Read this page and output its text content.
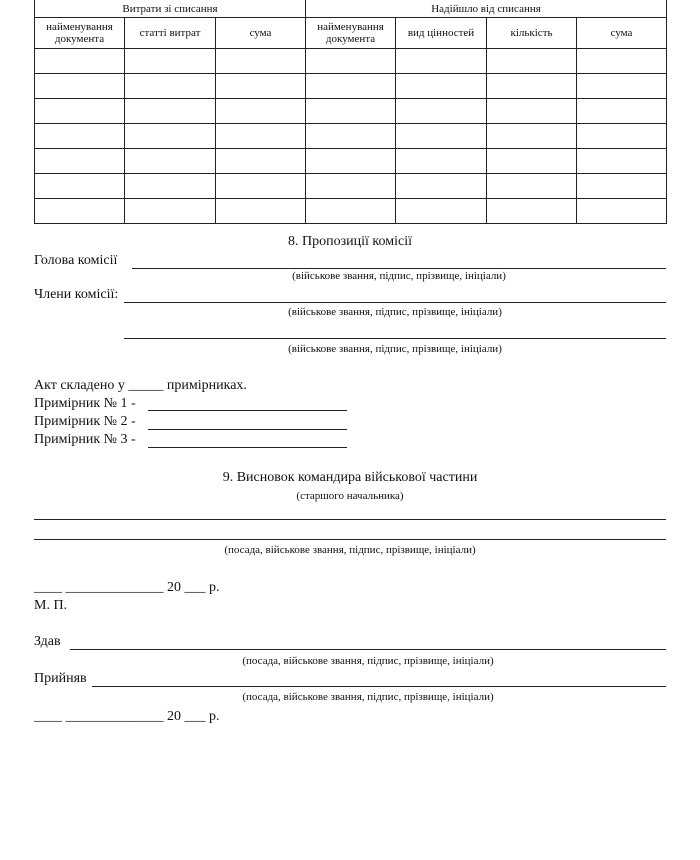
Витрати зі списання			Надійшло від списання			
найменування документа	статті витрат	сума	найменування документа	вид цінностей	кількість	сума

8. Пропозиції комісії
Голова комісії
(військове звання, підпис, прізвище, ініціали)
Члени комісії:
(військове звання, підпис, прізвище, ініціали)
(військове звання, підпис, прізвище, ініціали)
Акт складено у _____ примірниках.
Примірник № 1 -
Примірник № 2 -
Примірник № 3 -
9. Висновок командира військової частини
(старшого начальника)
(посада, військове звання, підпис, прізвище, ініціали)
____ ______________ 20 ___ р.
М. П.
Здав
(посада, військове звання, підпис, прізвище, ініціали)
Прийняв
(посада, військове звання, підпис, прізвище, ініціали)
____ ______________ 20 ___ р.
